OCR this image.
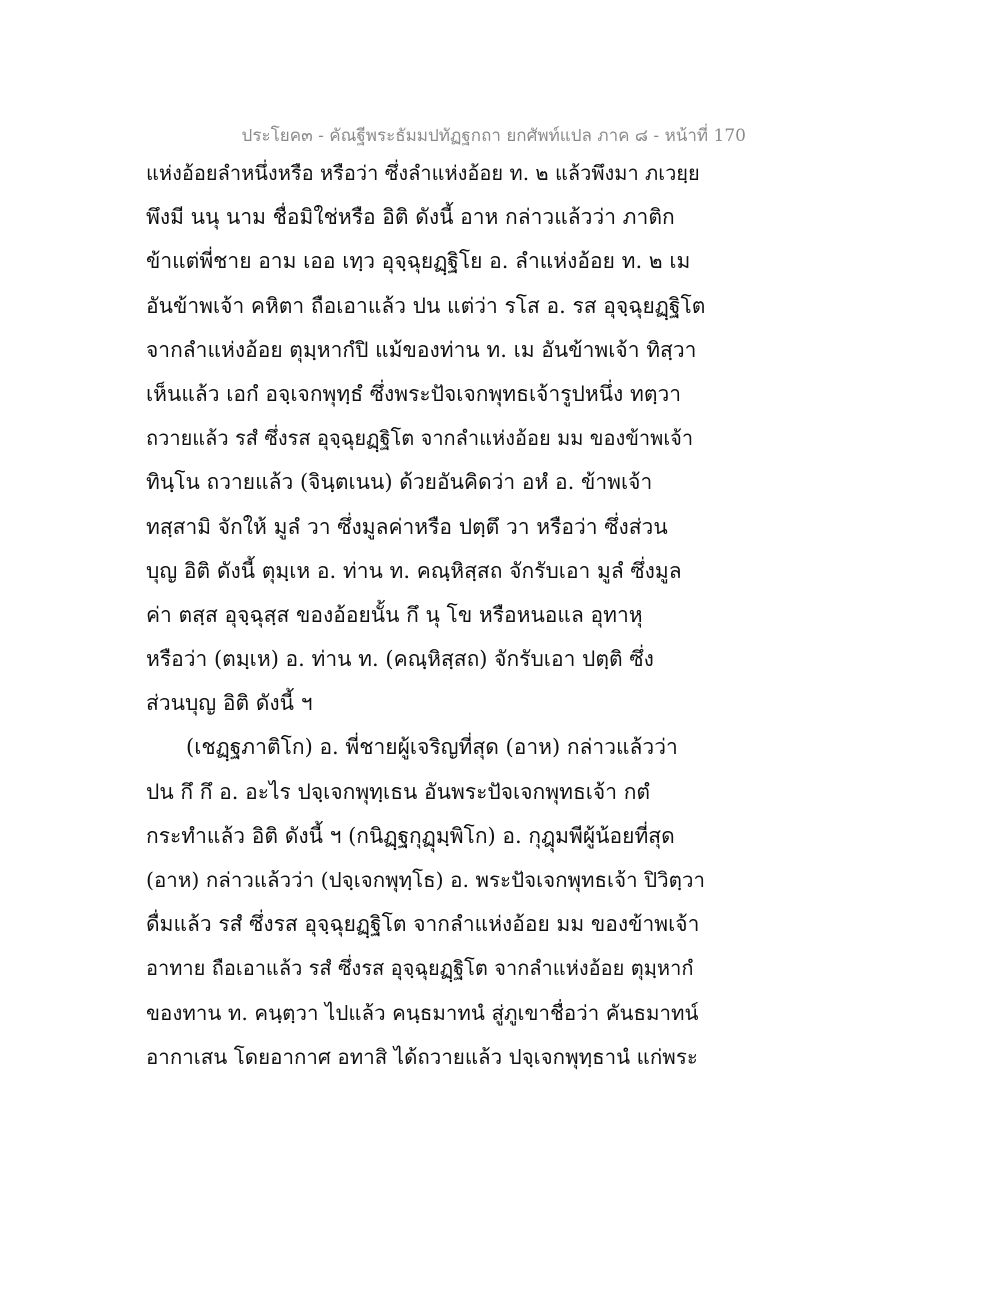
ประโยค๓ - คัณฐีพระธัมมปทัฏฐกถา ยกศัพท์แปล ภาค ๘ - หน้าที่ 170
แห่งอ้อยลำหนึ่งหรือ หรือว่า ซึ่งลำแห่งอ้อย ท. ๒ แล้วพึงมา ภเวยฺย
พึงมี นนุ นาม ชื่อมิใช่หรือ อิติ ดังนี้ อาห กล่าวแล้วว่า ภาติก
ข้าแต่พี่ชาย อาม เออ เทฺว อุจฺฉุยฏฺฐิโย อ. ลำแห่งอ้อย ท. ๒ เม
อันข้าพเจ้า คหิตา ถือเอาแล้ว ปน แต่ว่า รโส อ. รส อุจฺฉุยฏฺฐิโต
จากลำแห่งอ้อย ตุมฺหากํปิ แม้ของท่าน ท. เม อันข้าพเจ้า ทิสฺวา
เห็นแล้ว เอกํ อจฺเจกพุทฺธํ ซึ่งพระปัจเจกพุทธเจ้ารูปหนึ่ง ทตฺวา
ถวายแล้ว รสํ ซึ่งรส อุจฺฉุยฏฺฐิโต จากลำแห่งอ้อย มม ของข้าพเจ้า
ทินฺโน ถวายแล้ว (จินฺตเนน) ด้วยอันคิดว่า อหํ อ. ข้าพเจ้า
ทสฺสามิ จักให้ มูลํ วา ซึ่งมูลค่าหรือ ปตฺตึ วา หรือว่า ซึ่งส่วน
บุญ อิติ ดังนี้ ตุมฺเห อ. ท่าน ท. คณฺหิสฺสถ จักรับเอา มูลํ ซึ่งมูล
ค่า ตสฺส อุจฺฉุสฺส ของอ้อยนั้น กึ นุ โข หรือหนอแล อุทาหุ
หรือว่า (ตมฺเห) อ. ท่าน ท. (คณฺหิสฺสถ) จักรับเอา ปตฺติ ซึ่ง
ส่วนบุญ อิติ ดังนี้ ฯ
(เชฏฺฐภาติโก) อ. พี่ชายผู้เจริญที่สุด (อาห) กล่าวแล้วว่า
ปน กึ กึ อ. อะไร ปจฺเจกพุทฺเธน อันพระปัจเจกพุทธเจ้า กตํ
กระทำแล้ว อิติ ดังนี้ ฯ (กนิฏฺฐกุฏุมฺพิโก) อ. กุฎุมพีผู้น้อยที่สุด
(อาห) กล่าวแล้วว่า (ปจฺเจกพุทฺโธ) อ. พระปัจเจกพุทธเจ้า ปิวิตฺวา
ดื่มแล้ว รสํ ซึ่งรส อุจฺฉุยฏฺฐิโต จากลำแห่งอ้อย มม ของข้าพเจ้า
อาทาย ถือเอาแล้ว รสํ ซึ่งรส อุจฺฉุยฏฺฐิโต จากลำแห่งอ้อย ตุมฺหากํ
ของทาน ท. คนฺตฺวา ไปแล้ว คนฺธมาทนํ สู่ภูเขาชื่อว่า คันธมาทน์
อากาเสน โดยอากาศ อทาสิ ได้ถวายแล้ว ปจฺเจกพุทฺธานํ แก่พระ
